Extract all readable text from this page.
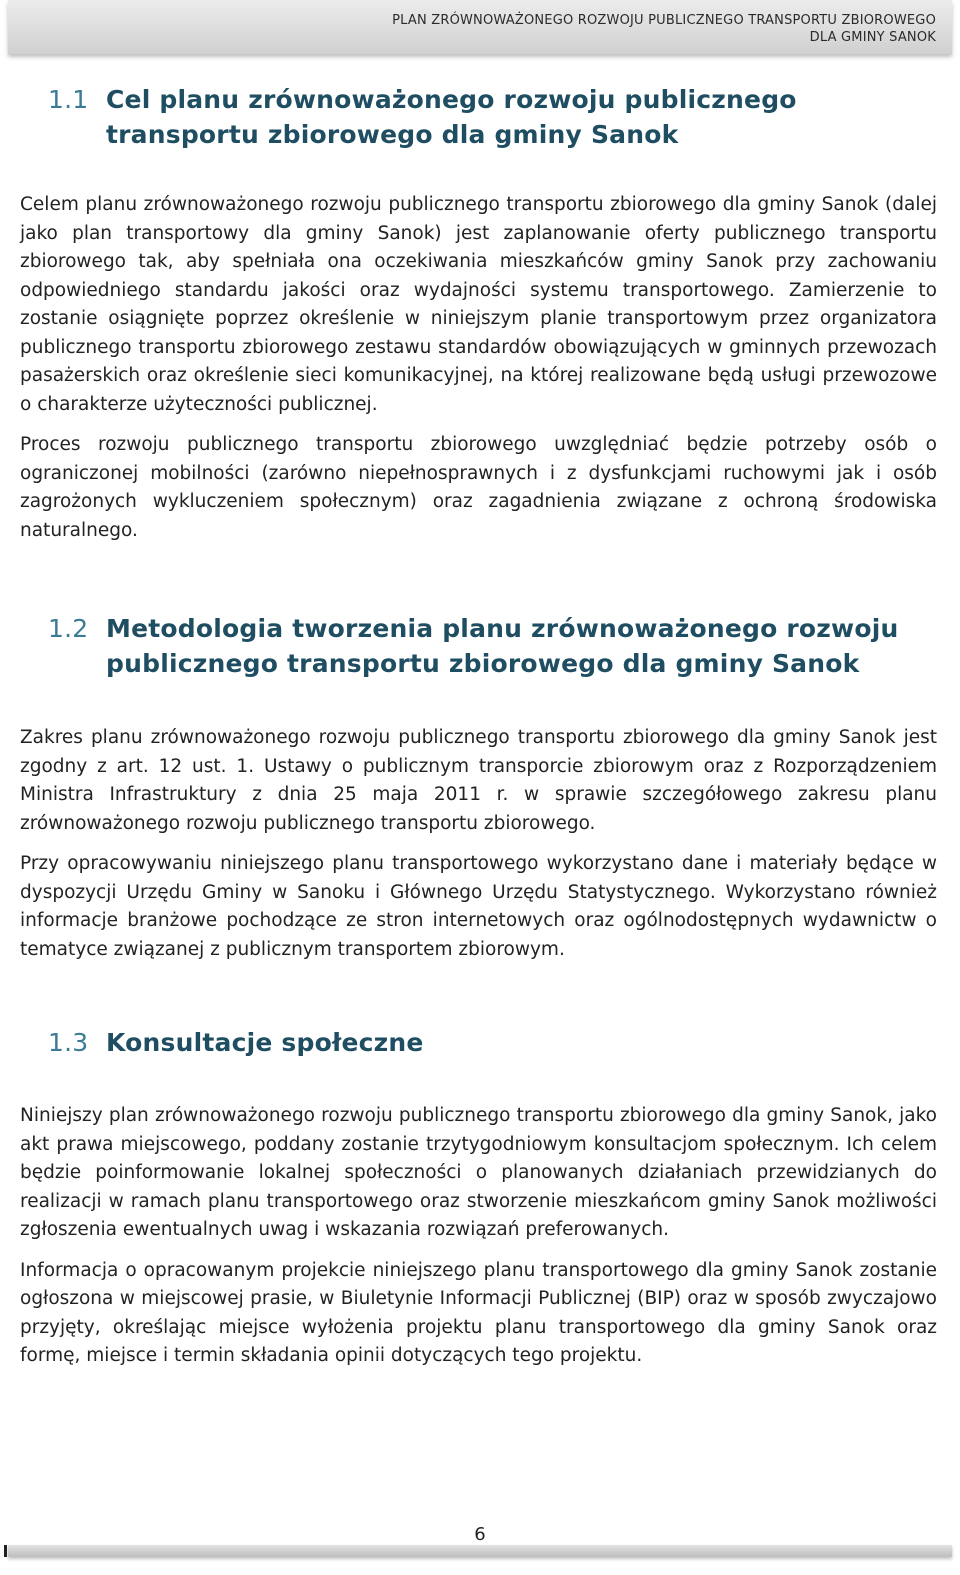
PLAN ZRÓWNOWAŻONEGO ROZWOJU PUBLICZNEGO TRANSPORTU ZBIOROWEGO
DLA GMINY SANOK
1.1 Cel planu zrównoważonego rozwoju publicznego transportu zbiorowego dla gminy Sanok

Celem planu zrównoważonego rozwoju publicznego transportu zbiorowego dla gminy Sanok (dalej jako plan transportowy dla gminy Sanok) jest zaplanowanie oferty publicznego transportu zbiorowego tak, aby spełniała ona oczekiwania mieszkańców gminy Sanok przy zachowaniu odpowiedniego standardu jakości oraz wydajności systemu transportowego. Zamierzenie to zostanie osiągnięte poprzez określenie w niniejszym planie transportowym przez organizatora publicznego transportu zbiorowego zestawu standardów obowiązujących w gminnych przewozach pasażerskich oraz określenie sieci komunikacyjnej, na której realizowane będą usługi przewozowe o charakterze użyteczności publicznej.

Proces rozwoju publicznego transportu zbiorowego uwzględniać będzie potrzeby osób o ograniczonej mobilności (zarówno niepełnosprawnych i z dysfunkcjami ruchowymi jak i osób zagrożonych wykluczeniem społecznym) oraz zagadnienia związane z ochroną środowiska naturalnego.

1.2 Metodologia tworzenia planu zrównoważonego rozwoju publicznego transportu zbiorowego dla gminy Sanok

Zakres planu zrównoważonego rozwoju publicznego transportu zbiorowego dla gminy Sanok jest zgodny z art. 12 ust. 1. Ustawy o publicznym transporcie zbiorowym oraz z Rozporządzeniem Ministra Infrastruktury z dnia 25 maja 2011 r. w sprawie szczegółowego zakresu planu zrównoważonego rozwoju publicznego transportu zbiorowego.

Przy opracowywaniu niniejszego planu transportowego wykorzystano dane i materiały będące w dyspozycji Urzędu Gminy w Sanoku i Głównego Urzędu Statystycznego. Wykorzystano również informacje branżowe pochodzące ze stron internetowych oraz ogólnodostępnych wydawnictw o tematyce związanej z publicznym transportem zbiorowym.

1.3 Konsultacje społeczne

Niniejszy plan zrównoważonego rozwoju publicznego transportu zbiorowego dla gminy Sanok, jako akt prawa miejscowego, poddany zostanie trzytygodniowym konsultacjom społecznym. Ich celem będzie poinformowanie lokalnej społeczności o planowanych działaniach przewidzianych do realizacji w ramach planu transportowego oraz stworzenie mieszkańcom gminy Sanok możliwości zgłoszenia ewentualnych uwag i wskazania rozwiązań preferowanych.

Informacja o opracowanym projekcie niniejszego planu transportowego dla gminy Sanok zostanie ogłoszona w miejscowej prasie, w Biuletynie Informacji Publicznej (BIP) oraz w sposób zwyczajowo przyjęty, określając miejsce wyłożenia projektu planu transportowego dla gminy Sanok oraz formę, miejsce i termin składania opinii dotyczących tego projektu.

6
